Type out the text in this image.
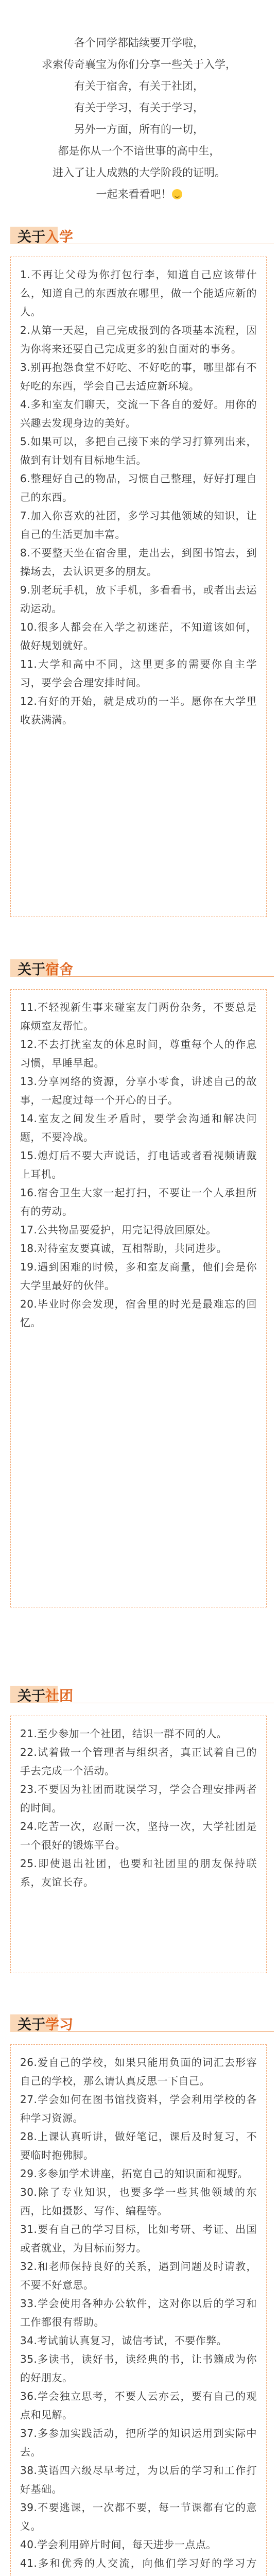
各个同学都陆续要开学啦，

求索传奇襄宝为你们分享一些关于入学，

有关于宿舍，有关于社团，

有关于学习，有关于学习，

另外一方面，所有的一切，

都是你从一个不谙世事的高中生，

进入了让人成熟的大学阶段的证明。

一起来看看吧！

关于入学

1.不再让父母为你打包行李，知道自己应该带什么，知道自己的东西放在哪里，做一个能适应新的人。

2.从第一天起，自己完成报到的各项基本流程，因为你将来还要自己完成更多的独自面对的事务。

3.别再抱怨食堂不好吃、不好吃的事，哪里都有不好吃的东西，学会自己去适应新环境。

4.多和室友们聊天，交流一下各自的爱好。用你的兴趣去发现身边的美好。

5.如果可以，多把自己接下来的学习打算列出来，做到有计划有目标地生活。

6.整理好自己的物品，习惯自己整理，好好打理自己的东西。

7.加入你喜欢的社团，多学习其他领域的知识，让自己的生活更加丰富。

8.不要整天坐在宿舍里，走出去，到图书馆去，到操场去，去认识更多的朋友。

9.别老玩手机，放下手机，多看看书，或者出去运动运动。

10.很多人都会在入学之初迷茫，不知道该如何，做好规划就好。

11.大学和高中不同，这里更多的需要你自主学习，要学会合理安排时间。

12.有好的开始，就是成功的一半。愿你在大学里收获满满。

关于宿舍

11.不轻视新生事来碰室友门两份杂务，不要总是麻烦室友帮忙。

12.不去打扰室友的休息时间，尊重每个人的作息习惯，早睡早起。

13.分享网络的资源，分享小零食，讲述自己的故事，一起度过每一个开心的日子。

14.室友之间发生矛盾时，要学会沟通和解决问题，不要冷战。

15.熄灯后不要大声说话，打电话或者看视频请戴上耳机。

16.宿舍卫生大家一起打扫，不要让一个人承担所有的劳动。

17.公共物品要爱护，用完记得放回原处。

18.对待室友要真诚，互相帮助，共同进步。

19.遇到困难的时候，多和室友商量，他们会是你大学里最好的伙伴。

20.毕业时你会发现，宿舍里的时光是最难忘的回忆。

关于社团

21.至少参加一个社团，结识一群不同的人。

22.试着做一个管理者与组织者，真正试着自己的手去完成一个活动。

23.不要因为社团而耽误学习，学会合理安排两者的时间。

24.吃苦一次，忍耐一次，坚持一次，大学社团是一个很好的锻炼平台。

25.即使退出社团，也要和社团里的朋友保持联系，友谊长存。

关于学习

26.爱自己的学校，如果只能用负面的词汇去形容自己的学校，那么请认真反思一下自己。

27.学会如何在图书馆找资料，学会利用学校的各种学习资源。

28.上课认真听讲，做好笔记，课后及时复习，不要临时抱佛脚。

29.多参加学术讲座，拓宽自己的知识面和视野。

30.除了专业知识，也要多学一些其他领域的东西，比如摄影、写作、编程等。

31.要有自己的学习目标，比如考研、考证、出国或者就业，为目标而努力。

32.和老师保持良好的关系，遇到问题及时请教，不要不好意思。

33.学会使用各种办公软件，这对你以后的学习和工作都很有帮助。

34.考试前认真复习，诚信考试，不要作弊。

35.多读书，读好书，读经典的书，让书籍成为你的好朋友。

36.学会独立思考，不要人云亦云，要有自己的观点和见解。

37.多参加实践活动，把所学的知识运用到实际中去。

38.英语四六级尽早考过，为以后的学习和工作打好基础。

39.不要逃课，一次都不要，每一节课都有它的意义。

40.学会利用碎片时间，每天进步一点点。

41.多和优秀的人交流，向他们学习好的学习方
